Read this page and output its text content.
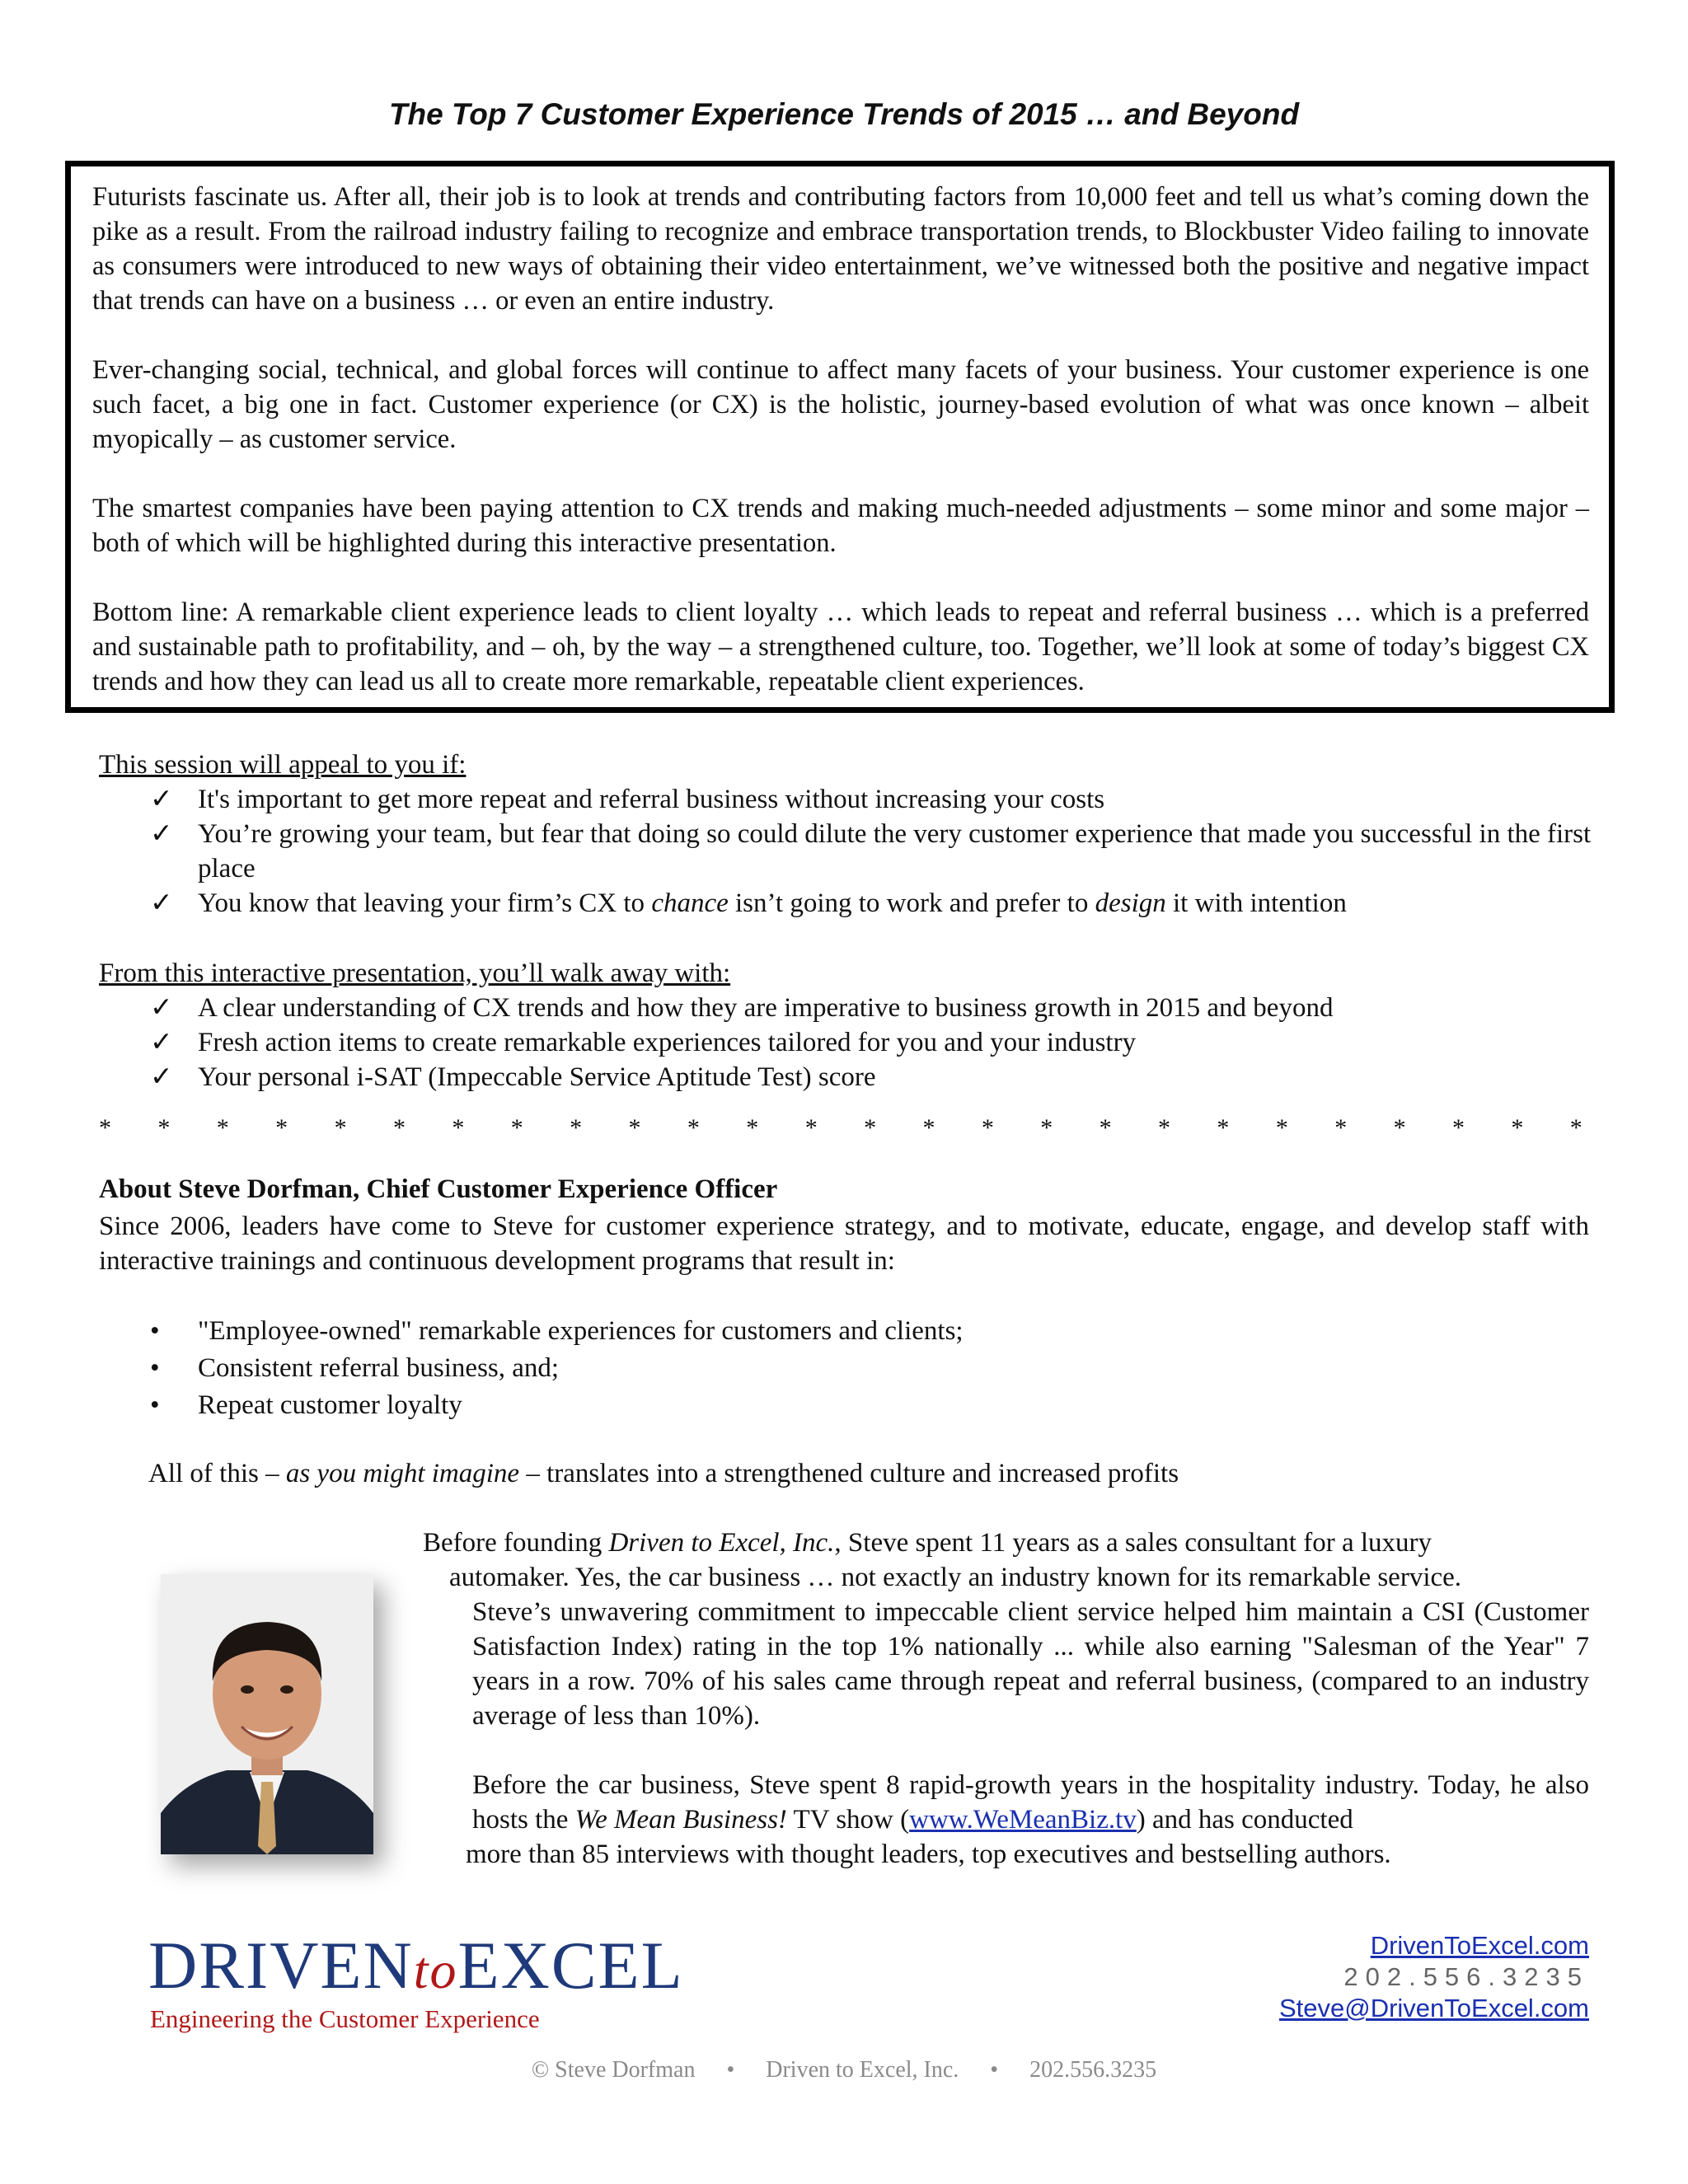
The Top 7 Customer Experience Trends of 2015 … and Beyond

Futurists fascinate us. After all, their job is to look at trends and contributing factors from 10,000 feet and tell us what’s coming down the pike as a result. From the railroad industry failing to recognize and embrace transportation trends, to Blockbuster Video failing to innovate as consumers were introduced to new ways of obtaining their video entertainment, we’ve witnessed both the positive and negative impact that trends can have on a business … or even an entire industry.

Ever-changing social, technical, and global forces will continue to affect many facets of your business. Your customer experience is one such facet, a big one in fact. Customer experience (or CX) is the holistic, journey-based evolution of what was once known – albeit myopically – as customer service.

The smartest companies have been paying attention to CX trends and making much-needed adjustments – some minor and some major – both of which will be highlighted during this interactive presentation.

Bottom line: A remarkable client experience leads to client loyalty … which leads to repeat and referral business … which is a preferred and sustainable path to profitability, and – oh, by the way – a strengthened culture, too. Together, we’ll look at some of today’s biggest CX trends and how they can lead us all to create more remarkable, repeatable client experiences.

This session will appeal to you if:
✓ It's important to get more repeat and referral business without increasing your costs
✓ You’re growing your team, but fear that doing so could dilute the very customer experience that made you successful in the first place
✓ You know that leaving your firm’s CX to chance isn’t going to work and prefer to design it with intention
From this interactive presentation, you’ll walk away with:
✓ A clear understanding of CX trends and how they are imperative to business growth in 2015 and beyond
✓ Fresh action items to create remarkable experiences tailored for you and your industry
✓ Your personal i-SAT (Impeccable Service Aptitude Test) score
* * * * * * * * * * * * * * * * * * * * * * * * * *
About Steve Dorfman, Chief Customer Experience Officer
Since 2006, leaders have come to Steve for customer experience strategy, and to motivate, educate, engage, and develop staff with interactive trainings and continuous development programs that result in:
• "Employee-owned" remarkable experiences for customers and clients;
• Consistent referral business, and;
• Repeat customer loyalty
All of this – as you might imagine – translates into a strengthened culture and increased profits
Before founding Driven to Excel, Inc., Steve spent 11 years as a sales consultant for a luxury
automaker. Yes, the car business … not exactly an industry known for its remarkable service.
Steve’s unwavering commitment to impeccable client service helped him maintain a CSI (Customer Satisfaction Index) rating in the top 1% nationally ... while also earning "Salesman of the Year" 7 years in a row. 70% of his sales came through repeat and referral business, (compared to an industry average of less than 10%).
Before the car business, Steve spent 8 rapid-growth years in the hospitality industry. Today, he also hosts the We Mean Business! TV show (www.WeMeanBiz.tv) and has conducted
more than 85 interviews with thought leaders, top executives and bestselling authors.
DRIVENtoEXCEL
Engineering the Customer Experience
DrivenToExcel.com
202.556.3235
Steve@DrivenToExcel.com
© Steve Dorfman • Driven to Excel, Inc. • 202.556.3235
